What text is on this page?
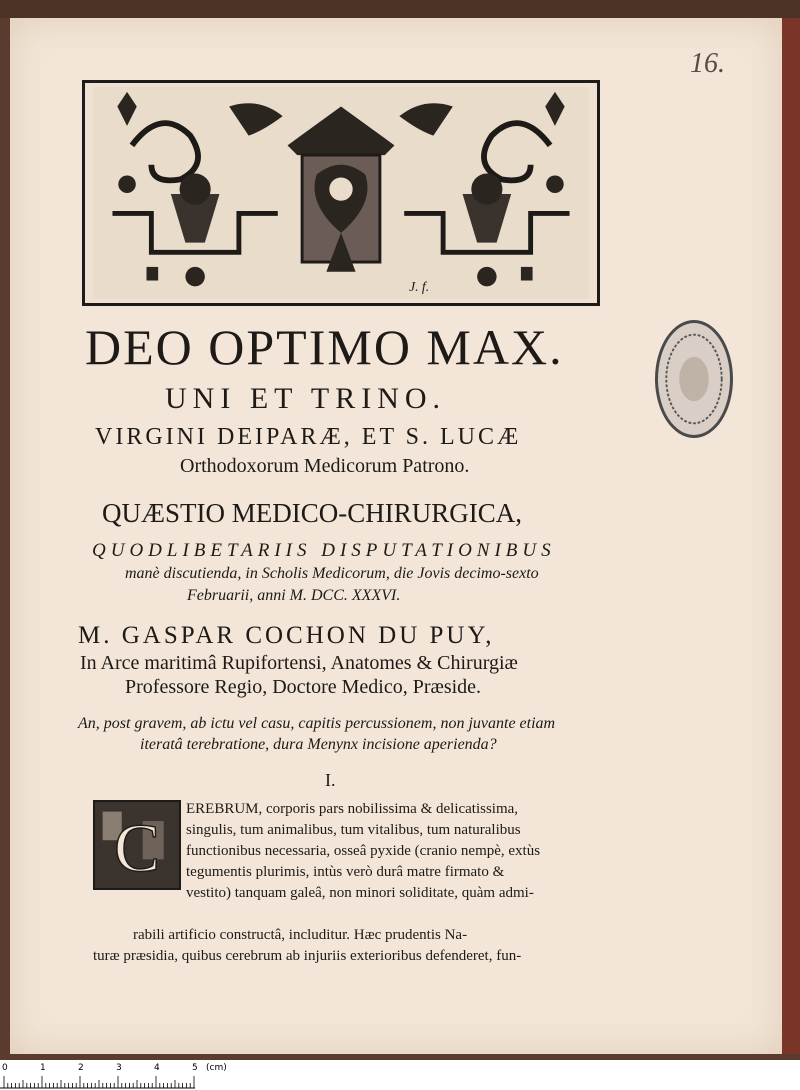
16.
J. f.
DEO OPTIMO MAX.
UNI ET TRINO.
VIRGINI DEIPARÆ, ET S. LUCÆ
Orthodoxorum Medicorum Patrono.
QUÆSTIO MEDICO-CHIRURGICA,
QUODLIBETARIIS DISPUTATIONIBUS
manè discutienda, in Scholis Medicorum, die Jovis decimo-sexto
Februarii, anni M. DCC. XXXVI.
M. GASPAR COCHON DU PUY,
In Arce maritimâ Rupifortensi, Anatomes & Chirurgiæ
Professore Regio, Doctore Medico, Præside.
An, post gravem, ab ictu vel casu, capitis percussionem, non juvante etiam
iteratâ terebratione, dura Menynx incisione aperienda?
I.
C
EREBRUM, corporis pars nobilissima & delicatissima,
singulis, tum animalibus, tum vitalibus, tum naturalibus
functionibus necessaria, osseâ pyxide (cranio nempè, extùs
tegumentis plurimis, intùs verò durâ matre firmato &
vestito) tanquam galeâ, non minori soliditate, quàm admi-
rabili artificio constructâ, includitur. Hæc prudentis Na-
turæ præsidia, quibus cerebrum ab injuriis exterioribus defenderet, fun-
0	1	2	3	4	5 (cm)
